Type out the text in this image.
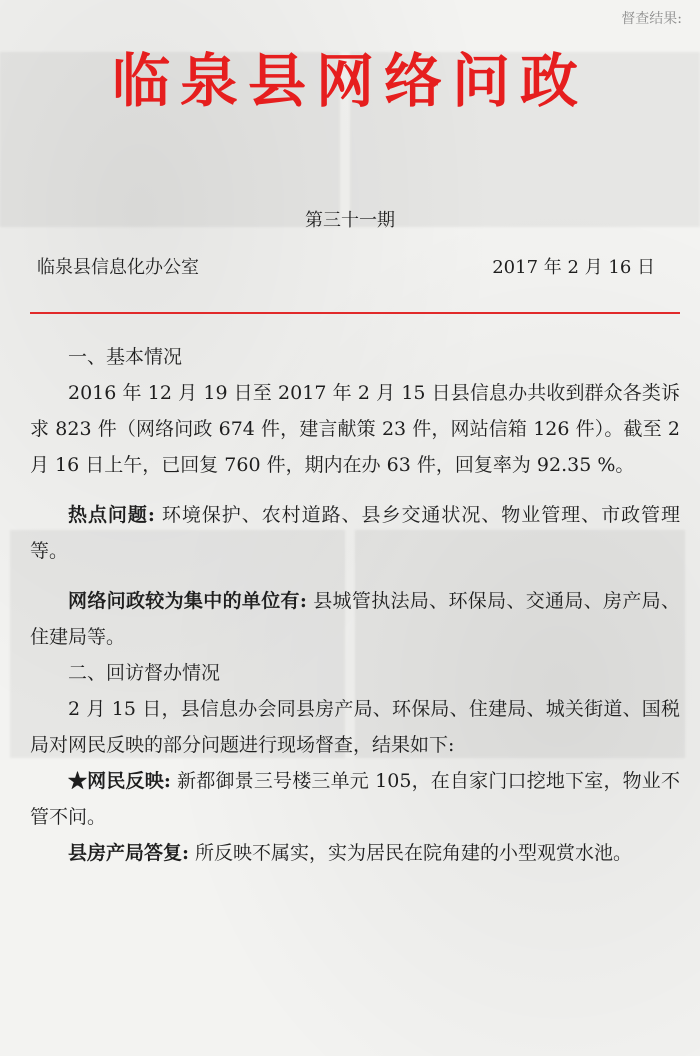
督查结果:
临泉县网络问政
第三十一期
临泉县信息化办公室	2017 年 2 月 16 日
一、基本情况
2016 年 12 月 19 日至 2017 年 2 月 15 日县信息办共收到群众各类诉求 823 件（网络问政 674 件，建言献策 23 件，网站信箱 126 件）。截至 2 月 16 日上午，已回复 760 件，期内在办 63 件，回复率为 92.35 %。
热点问题: 环境保护、农村道路、县乡交通状况、物业管理、市政管理等。
网络问政较为集中的单位有: 县城管执法局、环保局、交通局、房产局、住建局等。
二、回访督办情况
2 月 15 日，县信息办会同县房产局、环保局、住建局、城关街道、国税局对网民反映的部分问题进行现场督查，结果如下:
★网民反映: 新都御景三号楼三单元 105，在自家门口挖地下室，物业不管不问。
县房产局答复: 所反映不属实，实为居民在院角建的小型观赏水池。
